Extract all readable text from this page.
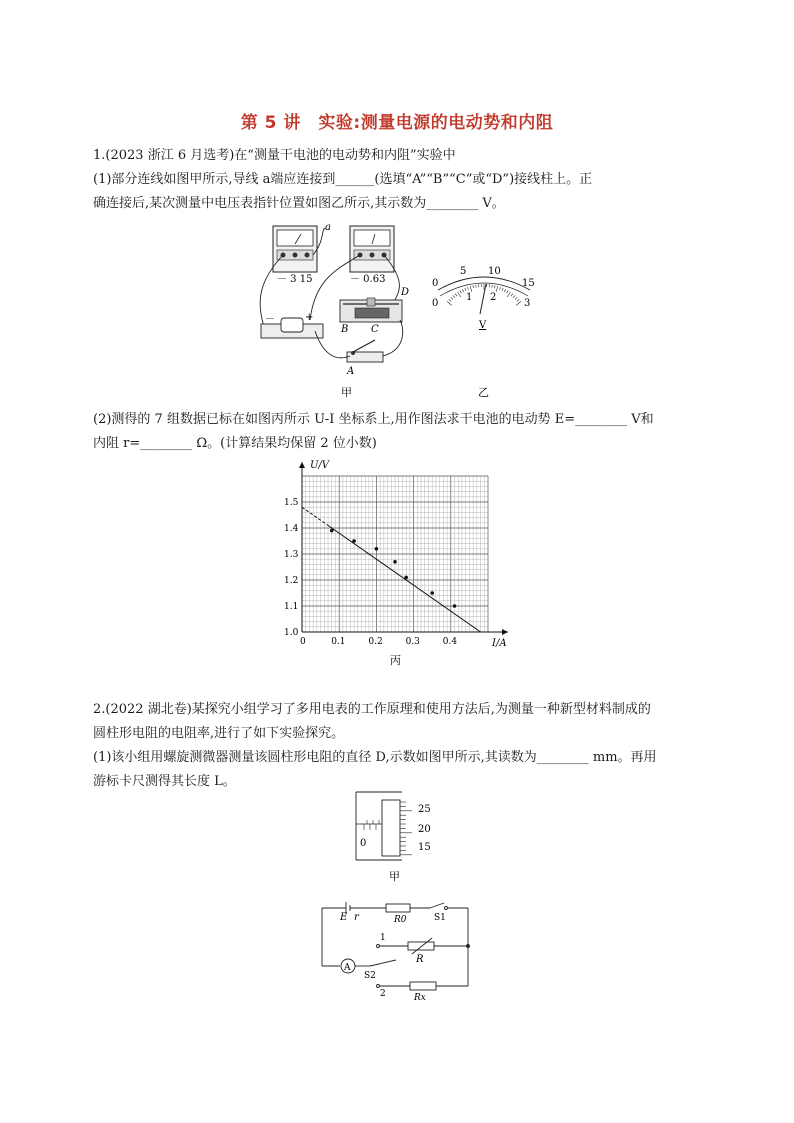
第 5 讲　实验:测量电源的电动势和内阻
1.(2023 浙江 6 月选考)在“测量干电池的电动势和内阻”实验中
(1)部分连线如图甲所示,导线 a端应连接到______(选填“A”“B”“C”或“D”)接线柱上。正
确连接后,某次测量中电压表指针位置如图乙所示,其示数为________ V。
－ 3 15	－ 0.63
a
D
B C
－	+
A
甲
0
5 10
15
0
1 2
3
V
乙
(2)测得的 7 组数据已标在如图丙所示 U-I 坐标系上,用作图法求干电池的电动势 E=________ V和
内阻 r=________ Ω。(计算结果均保留 2 位小数)
0	0.1	0.2	0.3	0.4
1.0
1.1
1.2
1.3
1.4
1.5
U/V
I/A
丙
2.(2022 湖北卷)某探究小组学习了多用电表的工作原理和使用方法后,为测量一种新型材料制成的
圆柱形电阻的电阻率,进行了如下实验探究。
(1)该小组用螺旋测微器测量该圆柱形电阻的直径 D,示数如图甲所示,其读数为________ mm。再用
游标卡尺测得其长度 L。
0
25
20
15
甲
E r	R0	S1
1
R
A
S2
2	Rx
